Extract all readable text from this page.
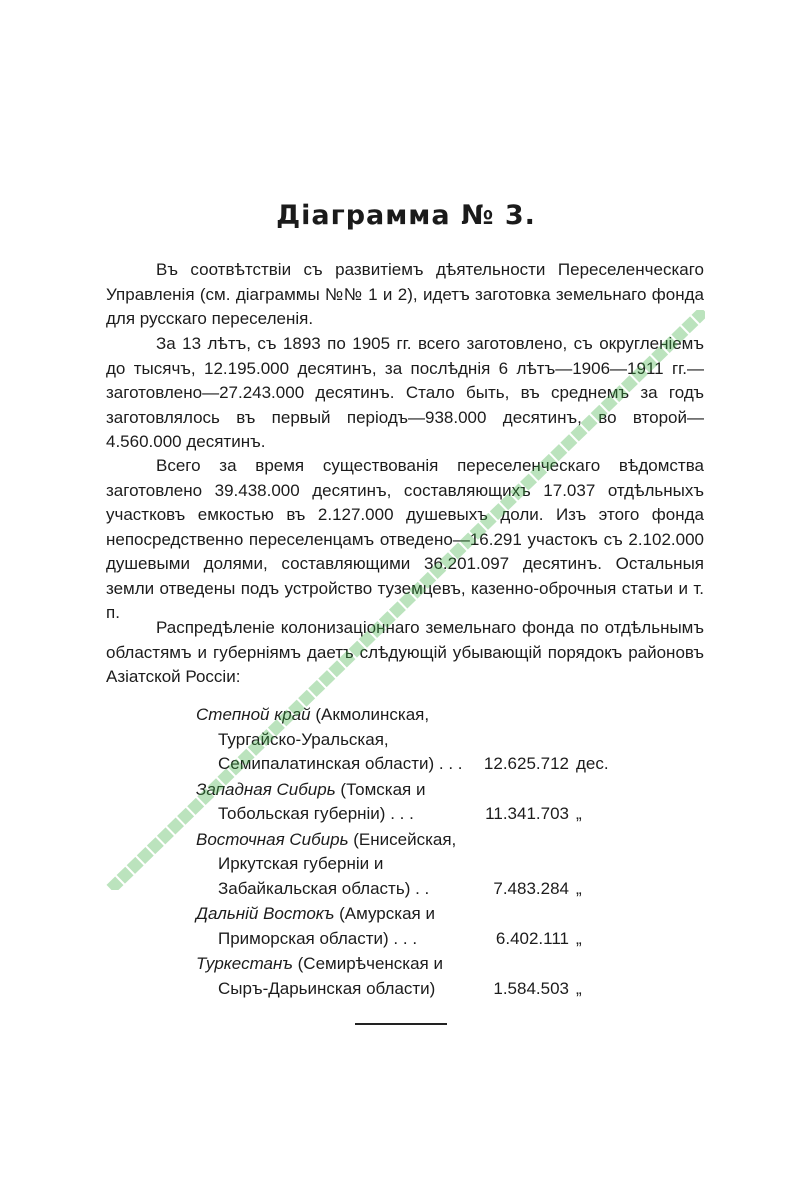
Діаграмма № 3.

Въ соотвѣтствіи съ развитіемъ дѣятельности Переселенческаго Управленія (см. діаграммы №№ 1 и 2), идетъ заготовка земельнаго фонда для русскаго переселенія.

За 13 лѣтъ, съ 1893 по 1905 гг. всего заготовлено, съ округленіемъ до тысячъ, 12.195.000 десятинъ, за послѣднія 6 лѣтъ—1906—1911 гг.—заготовлено—27.243.000 десятинъ. Стало быть, въ среднемъ за годъ заготовлялось въ первый періодъ—938.000 десятинъ, во второй—4.560.000 десятинъ.

Всего за время существованія переселенческаго вѣдомства заготовлено 39.438.000 десятинъ, составляющихъ 17.037 отдѣльныхъ участковъ емкостью въ 2.127.000 душевыхъ доли. Изъ этого фонда непосредственно переселенцамъ отведено—16.291 участокъ съ 2.102.000 душевыми долями, составляющими 36.201.097 десятинъ. Остальныя земли отведены подъ устройство туземцевъ, казенно-оброчныя статьи и т. п.

Распредѣленіе колонизаціоннаго земельнаго фонда по отдѣльнымъ областямъ и губерніямъ даетъ слѣдующій убывающій порядокъ районовъ Азіатской Россіи:

Степной край (Акмолинская, Тургайско-Уральская, Семипалатинская области) . . .	12.625.712 дес.
Западная Сибирь (Томская и Тобольская губерніи) . . .	11.341.703 „
Восточная Сибирь (Енисейская, Иркутская губерніи и Забайкальская область) . .	7.483.284 „
Дальній Востокъ (Амурская и Приморская области) . . .	6.402.111 „
Туркестанъ (Семирѣченская и Сыръ-Дарьинская области)	1.584.503 „
